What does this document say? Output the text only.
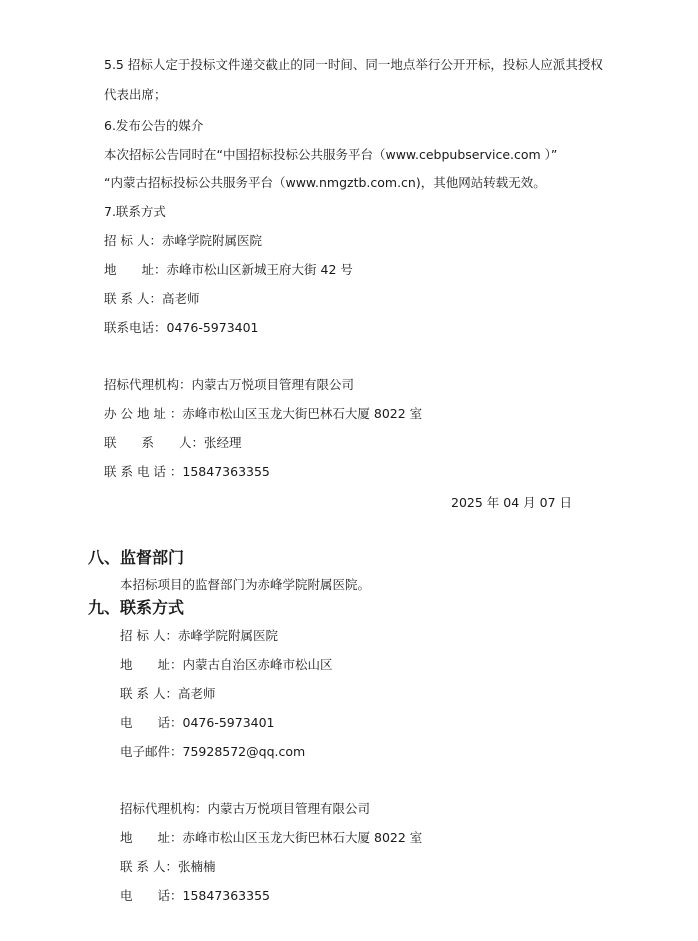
5.5 招标人定于投标文件递交截止的同一时间、同一地点举行公开开标，投标人应派其授权
代表出席；
6.发布公告的媒介
本次招标公告同时在“中国招标投标公共服务平台（www.cebpubservice.com ）”
“内蒙古招标投标公共服务平台（www.nmgztb.com.cn)，其他网站转载无效。
7.联系方式
招 标 人：赤峰学院附属医院
地　　址：赤峰市松山区新城王府大街 42 号
联 系 人：高老师
联系电话：0476-5973401
招标代理机构：内蒙古万悦项目管理有限公司
办 公 地 址 ：赤峰市松山区玉龙大街巴林石大厦 8022 室
联　　系　　人：张经理
联 系 电 话 ：15847363355
2025 年 04 月 07 日
八、监督部门
本招标项目的监督部门为赤峰学院附属医院。
九、联系方式
招 标 人：赤峰学院附属医院
地　　址：内蒙古自治区赤峰市松山区
联 系 人：高老师
电　　话：0476-5973401
电子邮件：75928572@qq.com
招标代理机构：内蒙古万悦项目管理有限公司
地　　址：赤峰市松山区玉龙大街巴林石大厦 8022 室
联 系 人：张楠楠
电　　话：15847363355
